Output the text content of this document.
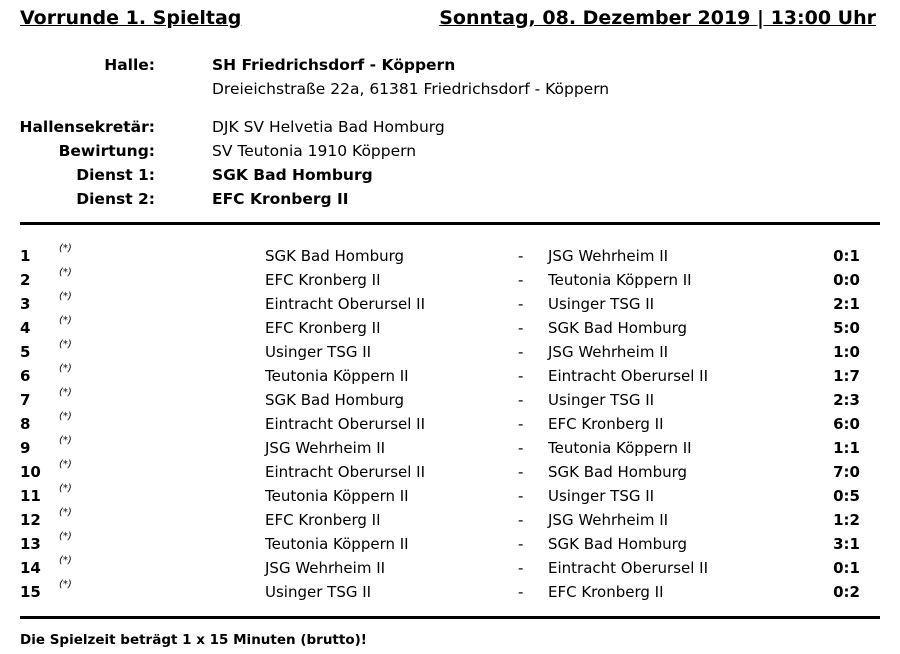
Vorrunde 1. Spieltag	Sonntag, 08. Dezember 2019 | 13:00 Uhr
Halle:	SH Friedrichsdorf - Köppern
Dreieichstraße 22a, 61381 Friedrichsdorf - Köppern
Hallensekretär:	DJK SV Helvetia Bad Homburg
Bewirtung:	SV Teutonia 1910 Köppern
Dienst 1:	SGK Bad Homburg
Dienst 2:	EFC Kronberg II
1	(*)	SGK Bad Homburg	- JSG Wehrheim II	0:1
2	(*)	EFC Kronberg II	- Teutonia Köppern II	0:0
3	(*)	Eintracht Oberursel II	- Usinger TSG II	2:1
4	(*)	EFC Kronberg II	- SGK Bad Homburg	5:0
5	(*)	Usinger TSG II	- JSG Wehrheim II	1:0
6	(*)	Teutonia Köppern II	- Eintracht Oberursel II	1:7
7	(*)	SGK Bad Homburg	- Usinger TSG II	2:3
8	(*)	Eintracht Oberursel II	- EFC Kronberg II	6:0
9	(*)	JSG Wehrheim II	- Teutonia Köppern II	1:1
10 (*)	Eintracht Oberursel II	- SGK Bad Homburg	7:0
11 (*)	Teutonia Köppern II	- Usinger TSG II	0:5
12 (*)	EFC Kronberg II	- JSG Wehrheim II	1:2
13 (*)	Teutonia Köppern II	- SGK Bad Homburg	3:1
14 (*)	JSG Wehrheim II	- Eintracht Oberursel II	0:1
15 (*)	Usinger TSG II	- EFC Kronberg II	0:2
Die Spielzeit beträgt 1 x 15 Minuten (brutto)!
